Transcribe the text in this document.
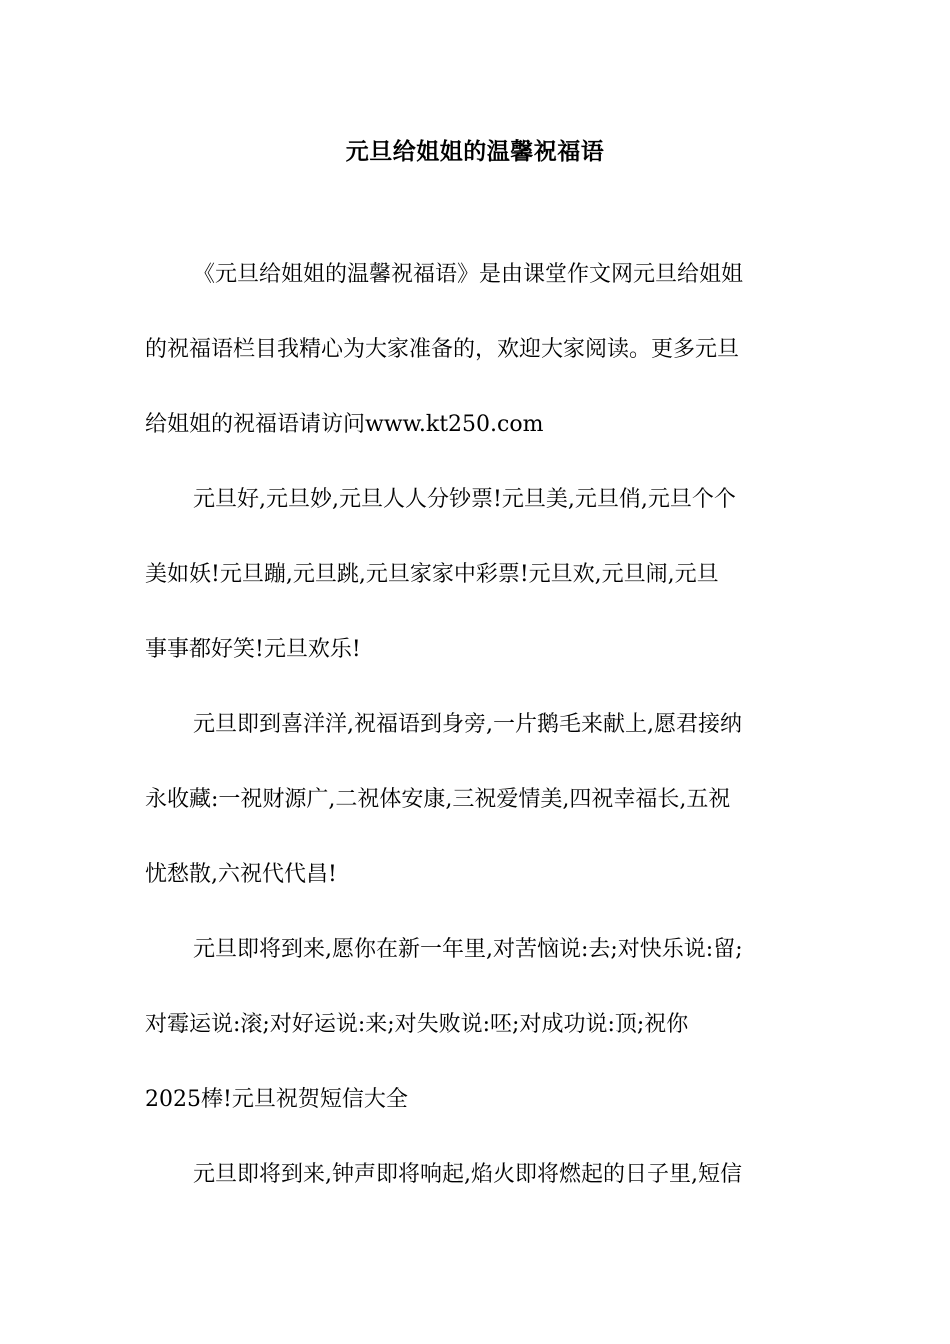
元旦给姐姐的温馨祝福语
《元旦给姐姐的温馨祝福语》是由课堂作文网元旦给姐姐
的祝福语栏目我精心为大家准备的，欢迎大家阅读。更多元旦
给姐姐的祝福语请访问www.kt250.com
元旦好,元旦妙,元旦人人分钞票!元旦美,元旦俏,元旦个个
美如妖!元旦蹦,元旦跳,元旦家家中彩票!元旦欢,元旦闹,元旦
事事都好笑!元旦欢乐!
元旦即到喜洋洋,祝福语到身旁,一片鹅毛来献上,愿君接纳
永收藏:一祝财源广,二祝体安康,三祝爱情美,四祝幸福长,五祝
忧愁散,六祝代代昌!
元旦即将到来,愿你在新一年里,对苦恼说:去;对快乐说:留;
对霉运说:滚;对好运说:来;对失败说:呸;对成功说:顶;祝你
2025棒!元旦祝贺短信大全
元旦即将到来,钟声即将响起,焰火即将燃起的日子里,短信
